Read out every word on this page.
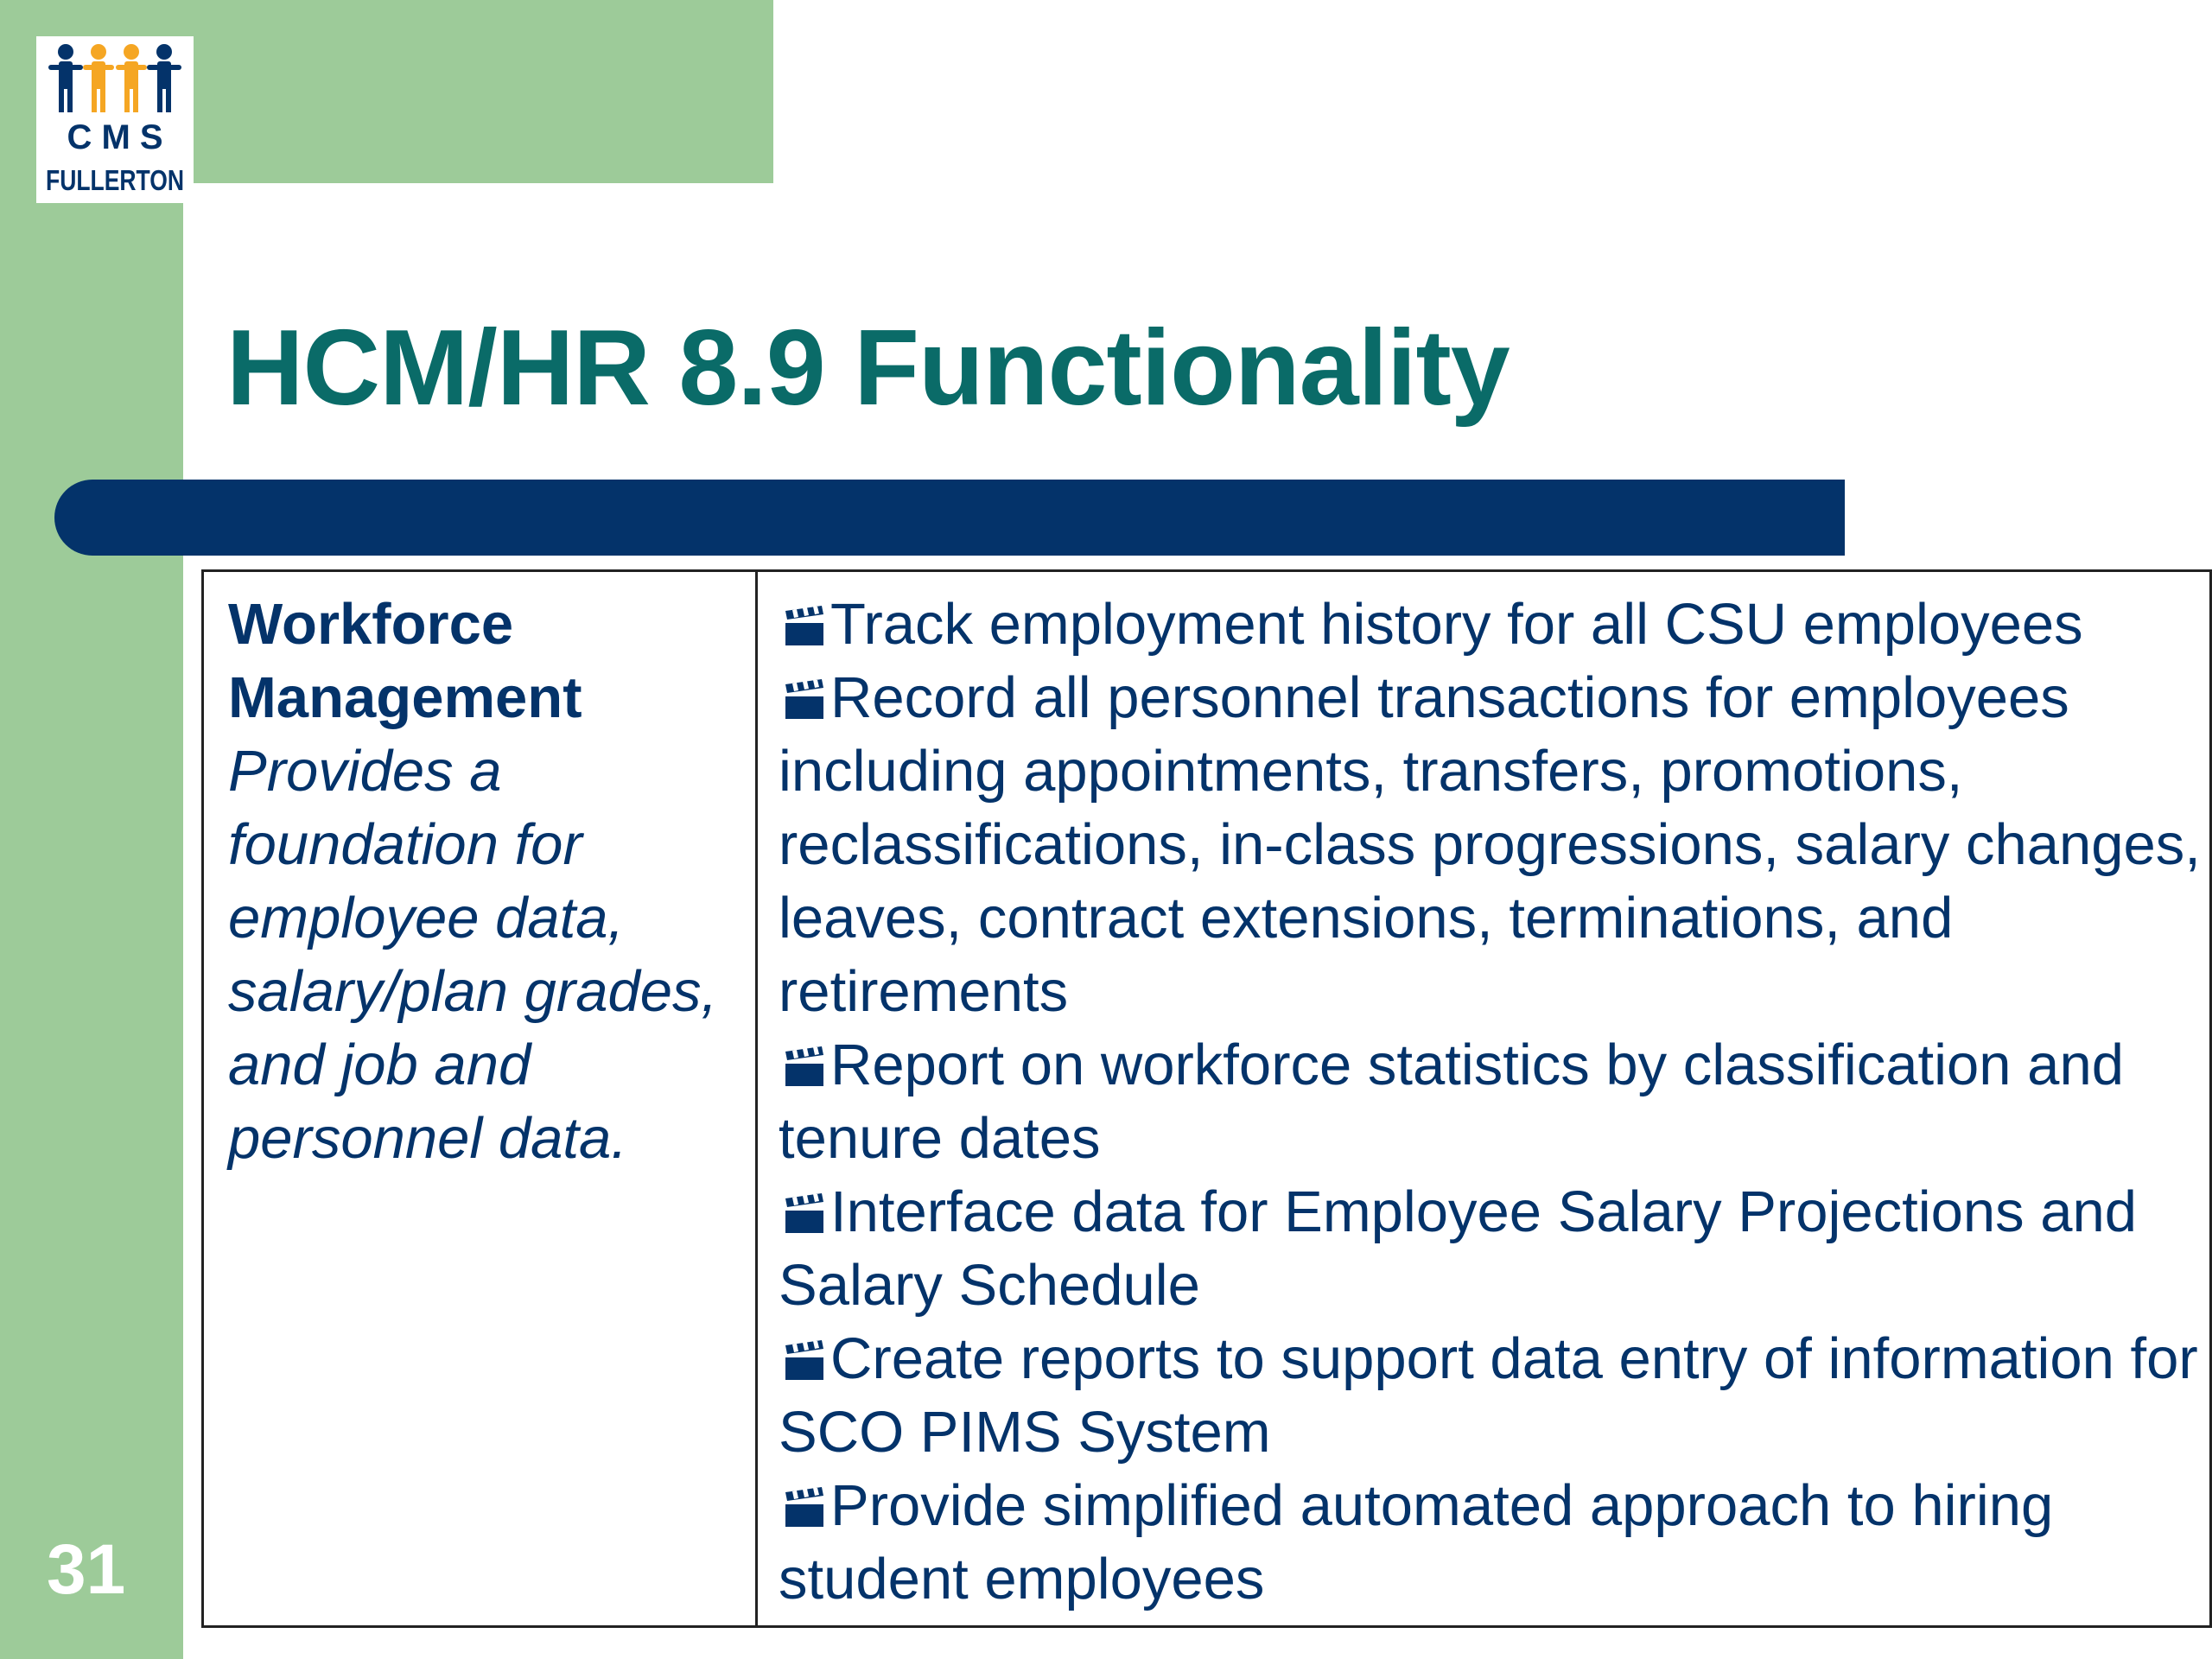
C M S
FULLERTON
HCM/HR 8.9 Functionality
Workforce
Management
Provides a foundation for employee data, salary/plan grades, and job and personnel data.

Track employment history for all CSU employees

Record all personnel transactions for employees including appointments, transfers, promotions, reclassifications, in-class progressions, salary changes, leaves, contract extensions, terminations, and retirements

Report on workforce statistics by classification and tenure dates

Interface data for Employee Salary Projections and Salary Schedule

Create reports to support data entry of information for SCO PIMS System

Provide simplified automated approach to hiring student employees

31
